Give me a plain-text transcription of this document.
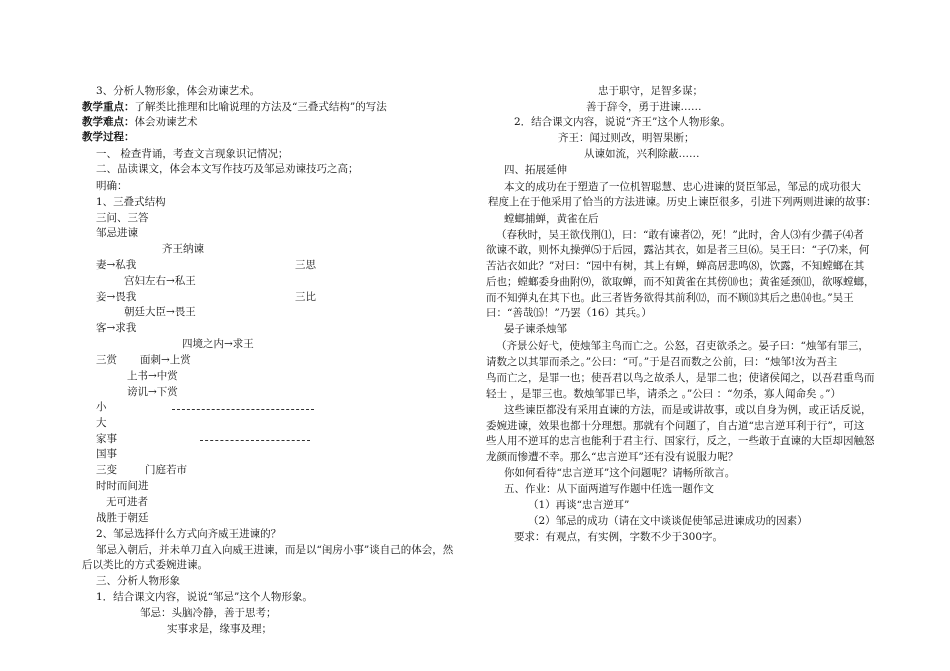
3、分析人物形象，体会劝谏艺术。
教学重点：了解类比推理和比喻说理的方法及“三叠式结构”的写法
教学难点：体会劝谏艺术
教学过程：
一、 检查背诵，考查文言现象识记情况；
二、品读课文，体会本文写作技巧及邹忌劝谏技巧之高；
明确：
1、三叠式结构
三问、三答
邹忌进谏
齐王纳谏
妻→私我	三思
宫妇左右→私王
妾→畏我	三比
朝廷大臣→畏王
客→求我
四境之内→求王
三赏 面刺→上赏
上书→中赏
谤讥→下赏
小
大
家事
国事
三变	门庭若市
时时而间进
无可进者
战胜于朝廷
2、邹忌选择什么方式向齐威王进谏的？
邹忌入朝后，并未单刀直入向威王进谏，而是以“闺房小事”谈自己的体会，然
后以类比的方式委婉进谏。
三、分析人物形象
1．结合课文内容，说说“邹忌”这个人物形象。
邹忌：头脑冷静，善于思考；
实事求是，缘事及理；
忠于职守，足智多谋；
善于辞令，勇于进谏……
2．结合课文内容，说说“齐王”这个人物形象。
齐王：闻过则改，明智果断；
从谏如流，兴利除蔽……
四、拓展延伸
本文的成功在于塑造了一位机智聪慧、忠心进谏的贤臣邹忌，邹忌的成功很大
程度上在于他采用了恰当的方法进谏。历史上谏臣很多，引进下列两则进谏的故事：
螳螂捕蝉，黄雀在后
（春秋时，吴王欲伐荆⑴，曰：“敢有谏者⑵，死！”此时，舍人⑶有少孺子⑷者
欲谏不敢，则怀丸操弹⑸于后园，露沾其衣，如是者三旦⑹。吴王曰：“子⑺来，何
苦沾衣如此？”对曰：“园中有树，其上有蝉，蝉高居悲鸣⑻，饮露，不知螳螂在其
后也；螳螂委身曲附⑼，欲取蝉，而不知黄雀在其傍⑽也；黄雀延颈⑾，欲啄螳螂，
而不知弹丸在其下也。此三者皆务欲得其前利⑿，而不顾⒀其后之患⒁也。”吴王
曰：“善哉⒂！”乃罢（16）其兵。）
晏子谏杀烛邹
（齐景公好弋，使烛邹主鸟而亡之。公怒，召吏欲杀之。晏子曰：“烛邹有罪三，
请数之以其罪而杀之。”公曰：“可。”于是召而数之公前，曰：“烛邹!汝为吾主
鸟而亡之，是罪一也；使吾君以鸟之故杀人，是罪二也；使诸侯闻之，以吾君重鸟而
轻士 ，是罪三也。数烛邹罪已毕，请杀之 。”公曰 ：“勿杀，寡人闻命矣 。”）
这些谏臣都没有采用直谏的方法，而是或讲故事，或以自身为例，或正话反说，
委婉进谏，效果也都十分理想。那就有个问题了，自古道“忠言逆耳利于行”，可这
些人用不逆耳的忠言也能利于君主行、国家行，反之，一些敢于直谏的大臣却因触怒
龙颜而惨遭不幸。那么“忠言逆耳”还有没有说服力呢？
你如何看待“忠言逆耳”这个问题呢？请畅所欲言。
五、作业：从下面两道写作题中任选一题作文
（1）再谈“忠言逆耳”
（2）邹忌的成功（请在文中谈谈促使邹忌进谏成功的因素）
要求：有观点，有实例，字数不少于300字。
